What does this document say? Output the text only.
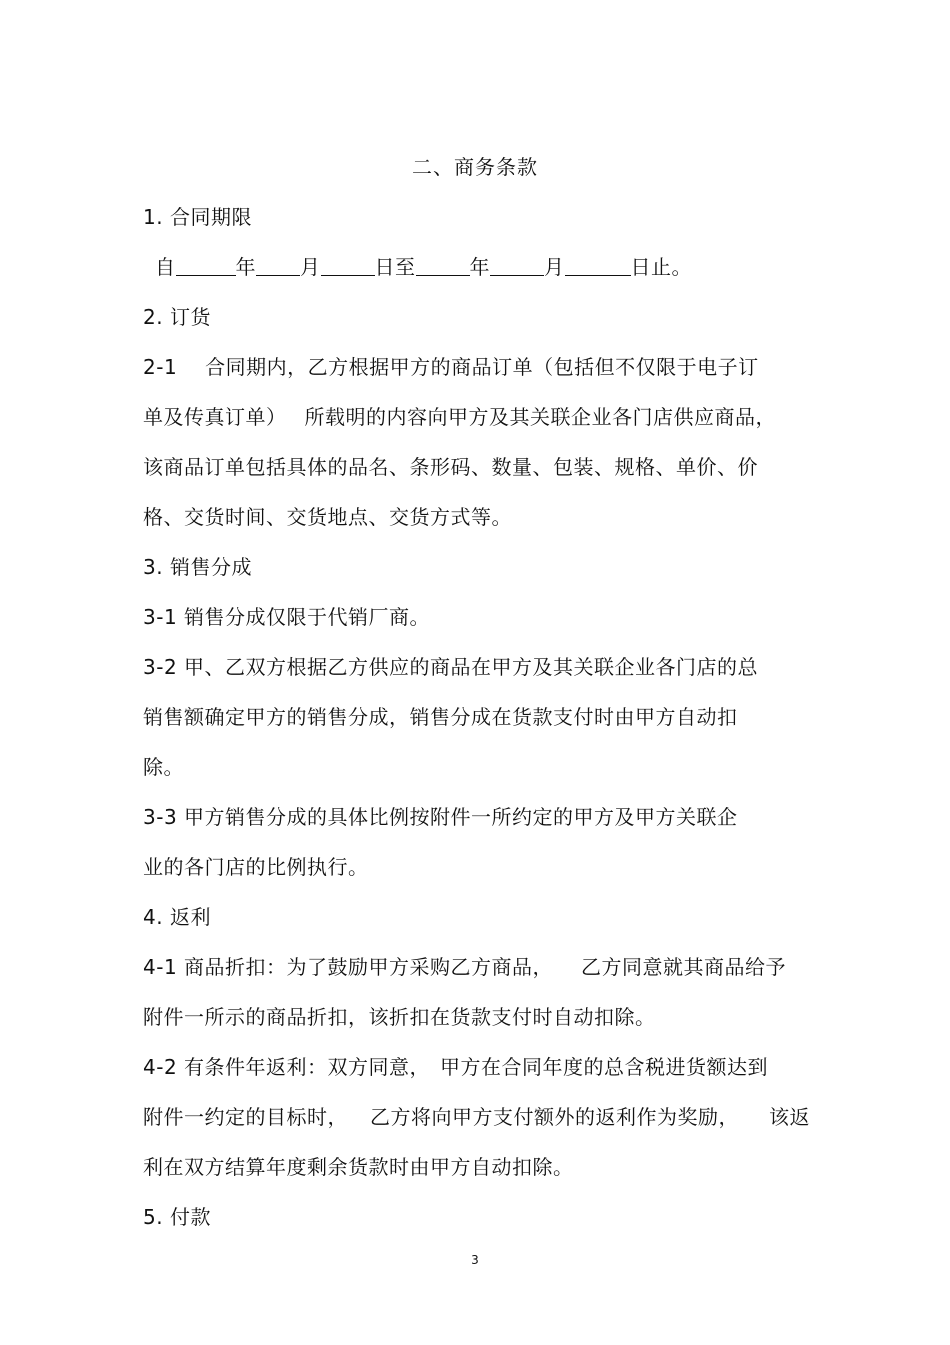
二、商务条款
1. 合同期限
自	年 月	日至	年	月	日止。
2. 订货
2-1 合同期内，乙方根据甲方的商品订单（包括但不仅限于电子订
单及传真订单） 所载明的内容向甲方及其关联企业各门店供应商品，
该商品订单包括具体的品名、条形码、数量、包装、规格、单价、价
格、交货时间、交货地点、交货方式等。
3. 销售分成
3-1 销售分成仅限于代销厂商。
3-2 甲、乙双方根据乙方供应的商品在甲方及其关联企业各门店的总
销售额确定甲方的销售分成，销售分成在货款支付时由甲方自动扣
除。
3-3 甲方销售分成的具体比例按附件一所约定的甲方及甲方关联企
业的各门店的比例执行。
4. 返利
4-1 商品折扣：为了鼓励甲方采购乙方商品， 乙方同意就其商品给予
附件一所示的商品折扣，该折扣在货款支付时自动扣除。
4-2 有条件年返利：双方同意， 甲方在合同年度的总含税进货额达到
附件一约定的目标时， 乙方将向甲方支付额外的返利作为奖励， 该返
利在双方结算年度剩余货款时由甲方自动扣除。
5. 付款
3
